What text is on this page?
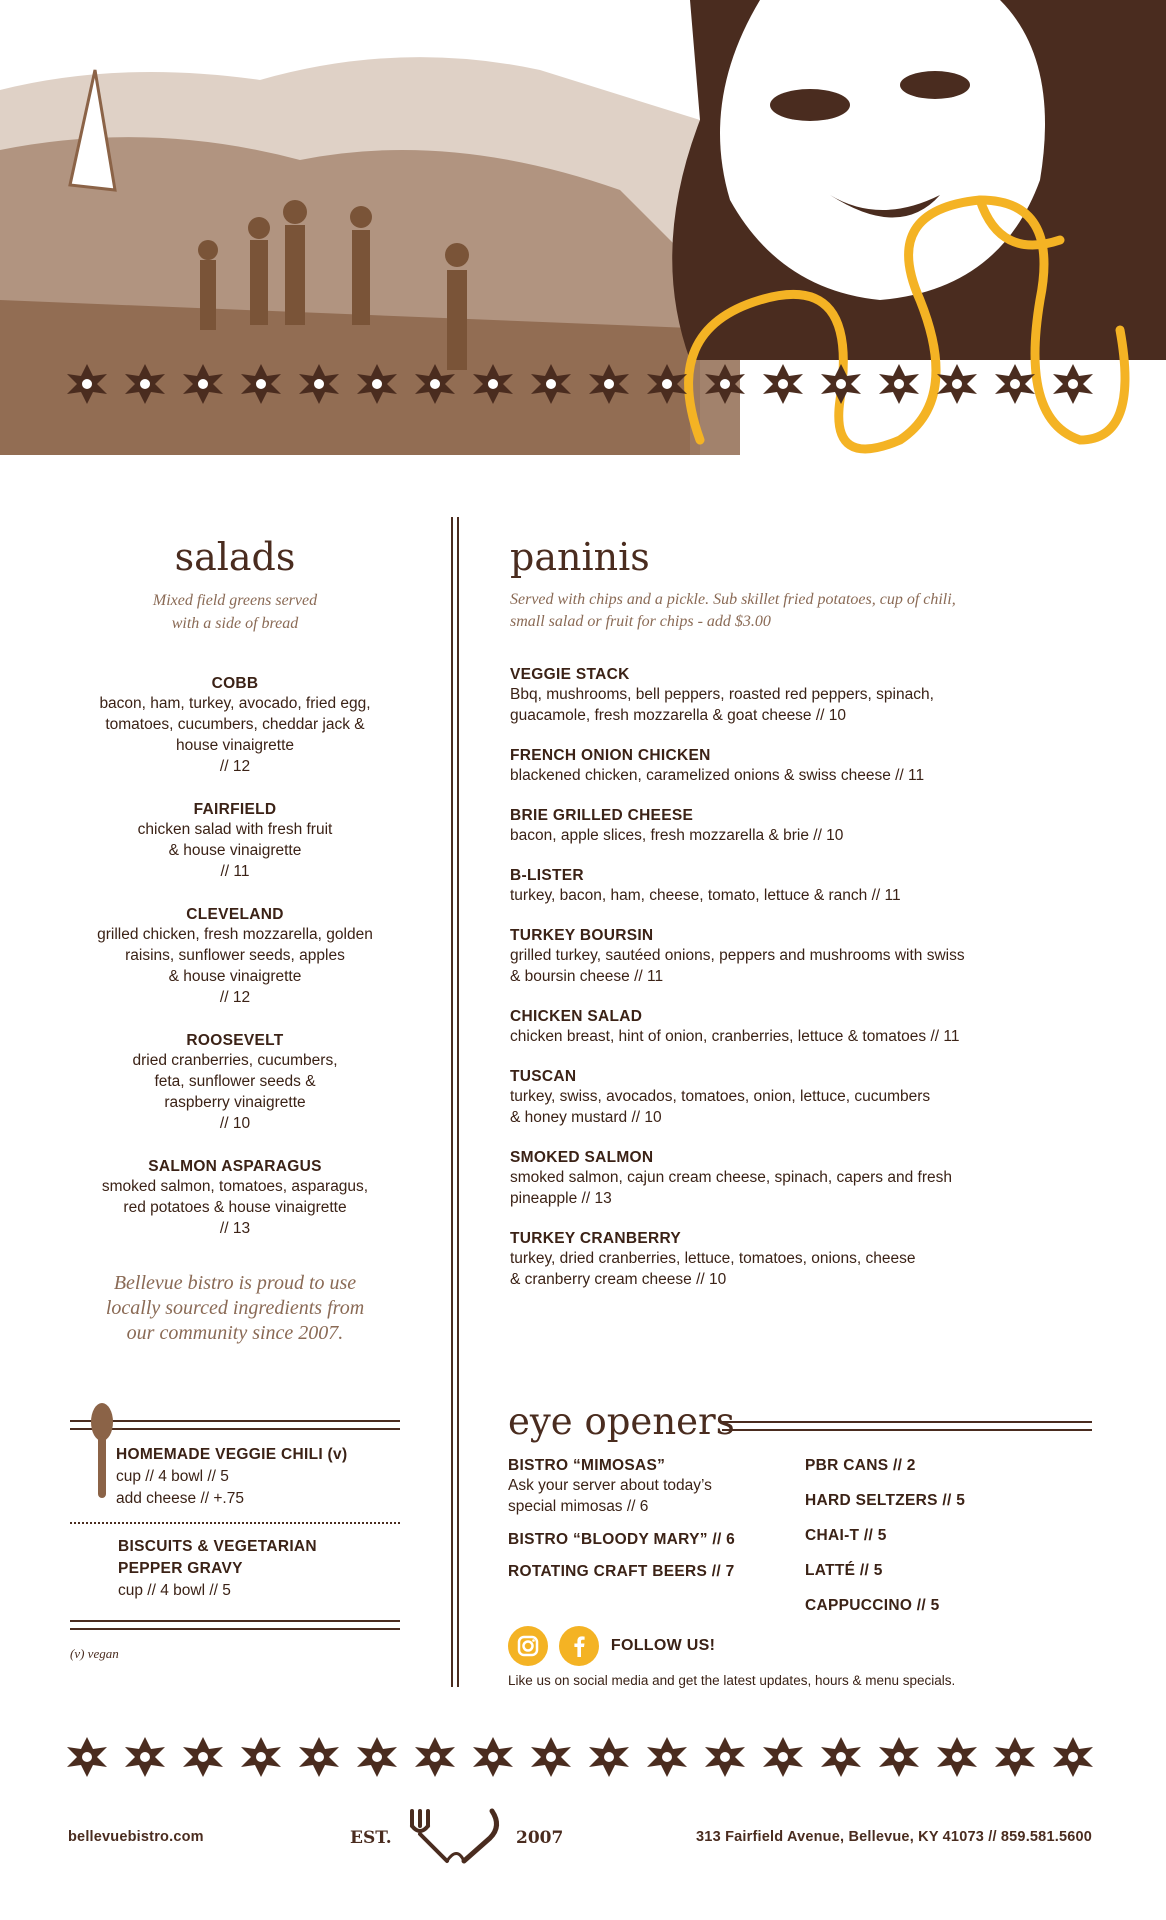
salads
Mixed field greens served
with a side of bread
COBB
bacon, ham, turkey, avocado, fried egg,
tomatoes, cucumbers, cheddar jack &
house vinaigrette
// 12
FAIRFIELD
chicken salad with fresh fruit
& house vinaigrette
// 11
CLEVELAND
grilled chicken, fresh mozzarella, golden
raisins, sunflower seeds, apples
& house vinaigrette
// 12
ROOSEVELT
dried cranberries, cucumbers,
feta, sunflower seeds &
raspberry vinaigrette
// 10
SALMON ASPARAGUS
smoked salmon, tomatoes, asparagus,
red potatoes & house vinaigrette
// 13
Bellevue bistro is proud to use
locally sourced ingredients from
our community since 2007.
HOMEMADE VEGGIE CHILI (v)
cup // 4 bowl // 5
add cheese // +.75
BISCUITS & VEGETARIAN
PEPPER GRAVY
cup // 4 bowl // 5
(v) vegan
paninis
Served with chips and a pickle. Sub skillet fried potatoes, cup of chili,
small salad or fruit for chips - add $3.00
VEGGIE STACK
Bbq, mushrooms, bell peppers, roasted red peppers, spinach,
guacamole, fresh mozzarella & goat cheese // 10
FRENCH ONION CHICKEN
blackened chicken, caramelized onions & swiss cheese // 11
BRIE GRILLED CHEESE
bacon, apple slices, fresh mozzarella & brie // 10
B-LISTER
turkey, bacon, ham, cheese, tomato, lettuce & ranch // 11
TURKEY BOURSIN
grilled turkey, sautéed onions, peppers and mushrooms with swiss
& boursin cheese // 11
CHICKEN SALAD
chicken breast, hint of onion, cranberries, lettuce & tomatoes // 11
TUSCAN
turkey, swiss, avocados, tomatoes, onion, lettuce, cucumbers
& honey mustard // 10
SMOKED SALMON
smoked salmon, cajun cream cheese, spinach, capers and fresh
pineapple // 13
TURKEY CRANBERRY
turkey, dried cranberries, lettuce, tomatoes, onions, cheese
& cranberry cream cheese // 10
eye openers
BISTRO “MIMOSAS”
Ask your server about today’s
special mimosas // 6
BISTRO “BLOODY MARY” // 6
ROTATING CRAFT BEERS // 7
PBR CANS // 2
HARD SELTZERS // 5
CHAI-T // 5
LATTÉ // 5
CAPPUCCINO // 5

FOLLOW US!
Like us on social media and get the latest updates, hours & menu specials.
bellevuebistro.com	EST.	2007	313 Fairfield Avenue, Bellevue, KY 41073 // 859.581.5600
